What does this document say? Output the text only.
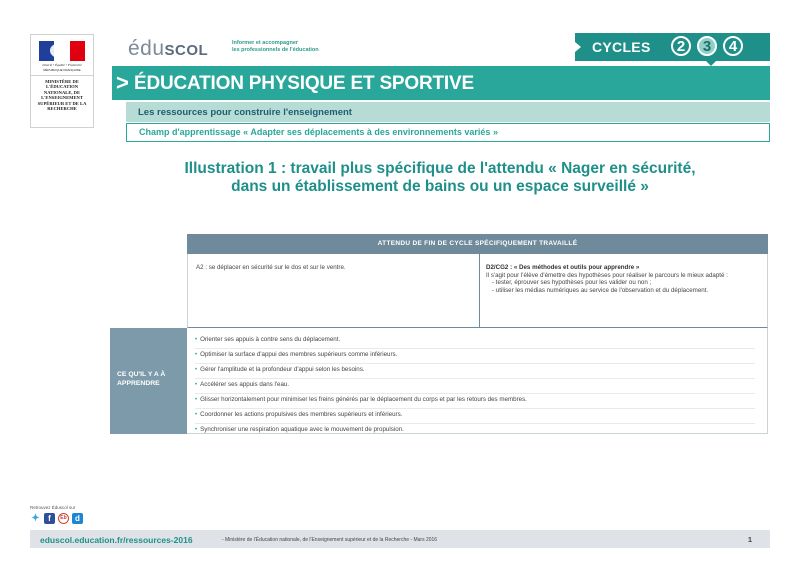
Liberté • Égalité • Fraternité
RÉPUBLIQUE FRANÇAISE
MINISTÈRE DE L'ÉDUCATION NATIONALE, DE L'ENSEIGNEMENT SUPÉRIEUR ET DE LA RECHERCHE
éduscol	Informer et accompagner
les professionnels de l'éducation	CYCLES	2	3	4
> ÉDUCATION PHYSIQUE ET SPORTIVE
Les ressources pour construire l'enseignement
Champ d'apprentissage « Adapter ses déplacements à des environnements variés »
Illustration 1 : travail plus spécifique de l'attendu « Nager en sécurité,
dans un établissement de bains ou un espace surveillé »
ATTENDU DE FIN DE CYCLE SPÉCIFIQUEMENT TRAVAILLÉ
A2 : se déplacer en sécurité sur le dos et sur le ventre.	D2/CG2 : « Des méthodes et outils pour apprendre »
Il s'agit pour l'élève d'émettre des hypothèses pour réaliser le parcours le mieux adapté :
- tester, éprouver ses hypothèses pour les valider ou non ;
- utiliser les médias numériques au service de l'observation et du déplacement.
CE QU'IL Y A À APPRENDRE
• Orienter ses appuis à contre sens du déplacement.
• Optimiser la surface d'appui des membres supérieurs comme inférieurs.
• Gérer l'amplitude et la profondeur d'appui selon les besoins.
• Accélérer ses appuis dans l'eau.
• Glisser horizontalement pour minimiser les freins générés par le déplacement du corps et par les retours des membres.
• Coordonner les actions propulsives des membres supérieurs et inférieurs.
• Synchroniser une respiration aquatique avec le mouvement de propulsion.
Retrouvez Éduscol sur
✦	f	Eb	d
eduscol.education.fr/ressources-2016	- Ministère de l'Éducation nationale, de l'Enseignement supérieur et de la Recherche - Mars 2016	1
